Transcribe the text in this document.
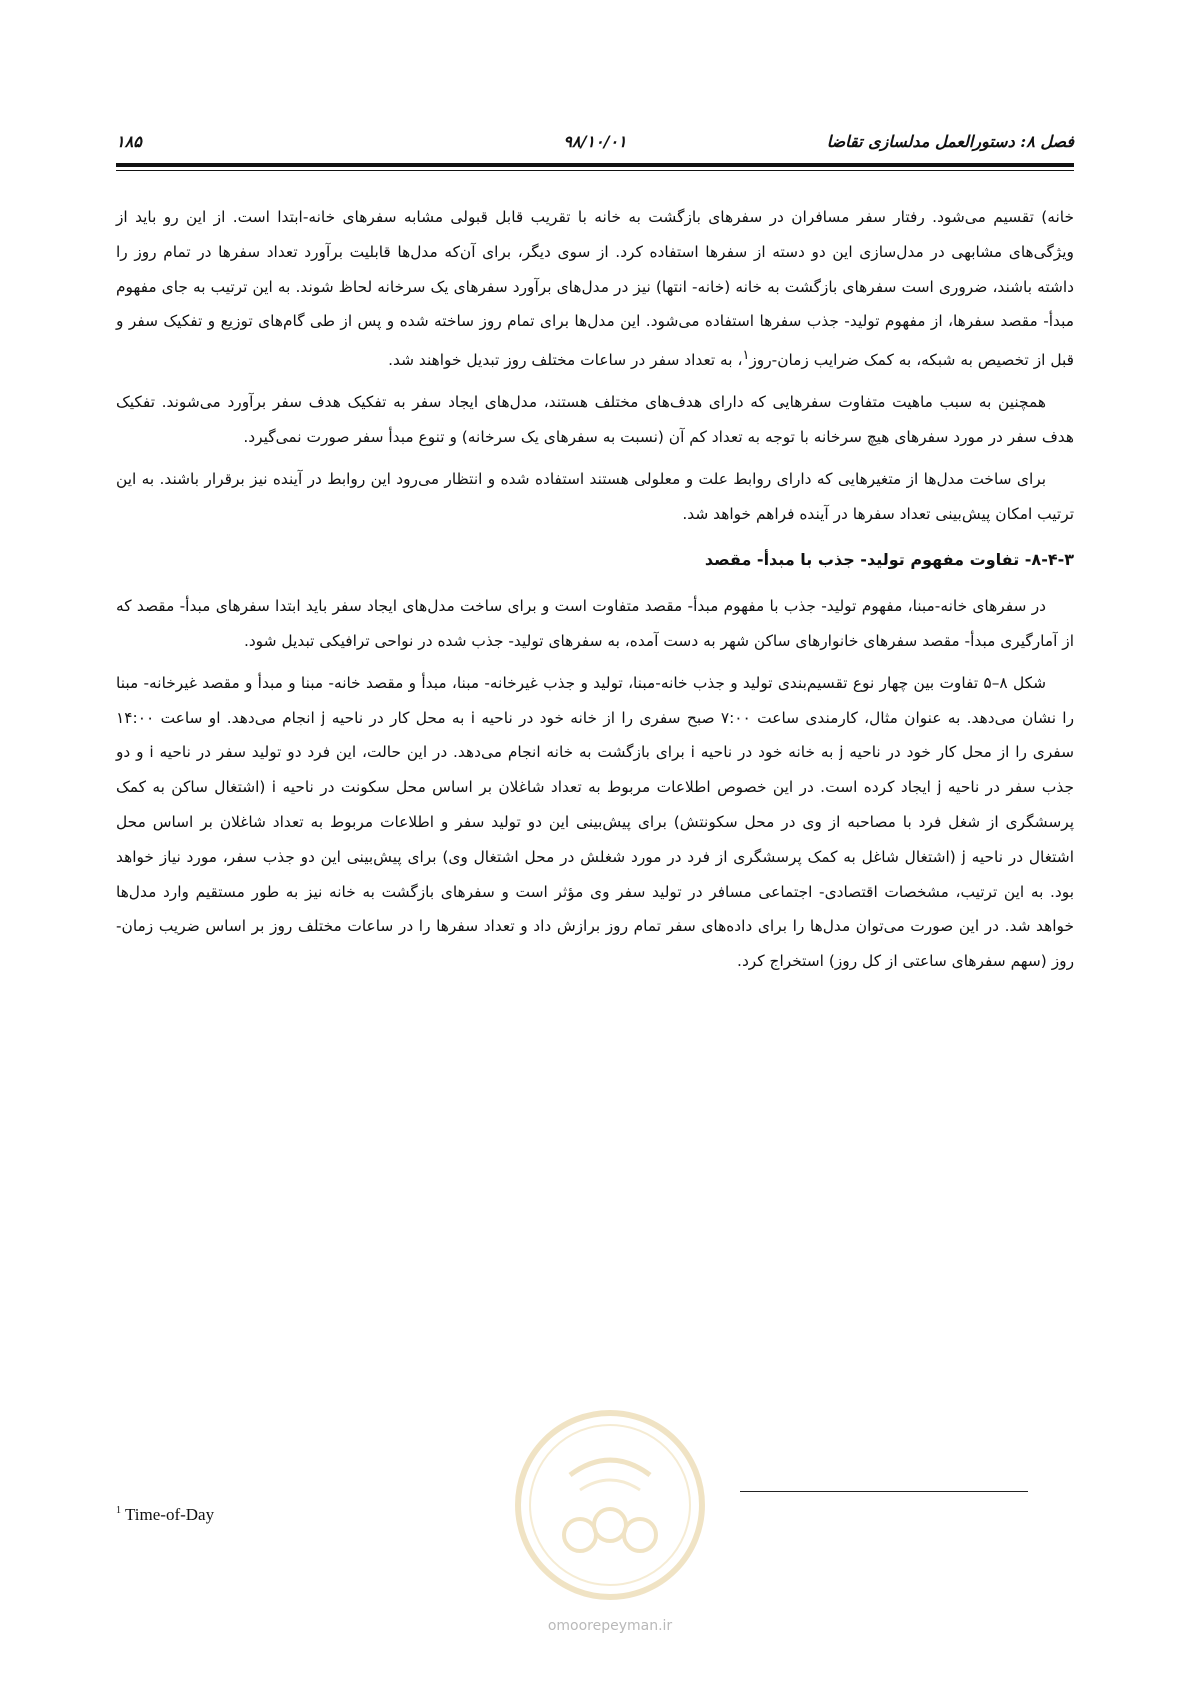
فصل ۸: دستورالعمل مدلسازی تقاضا
۹۸/۱۰/۰۱
۱۸۵

خانه) تقسیم می‌شود. رفتار سفر مسافران در سفرهای بازگشت به خانه با تقریب قابل قبولی مشابه سفرهای خانه-ابتدا است. از این رو باید از ویژگی‌های مشابهی در مدل‌سازی این دو دسته از سفرها استفاده کرد. از سوی دیگر، برای آن‌که مدل‌ها قابلیت برآورد تعداد سفرها در تمام روز را داشته باشند، ضروری است سفرهای بازگشت به خانه (خانه- انتها) نیز در مدل‌های برآورد سفرهای یک سرخانه لحاظ شوند. به این ترتیب به جای مفهوم مبدأ- مقصد سفرها، از مفهوم تولید- جذب سفرها استفاده می‌شود. این مدل‌ها برای تمام روز ساخته شده و پس از طی گام‌های توزیع و تفکیک سفر و قبل از تخصیص به شبکه، به کمک ضرایب زمان-روز$^۱$، به تعداد سفر در ساعات مختلف روز تبدیل خواهند شد.

همچنین به سبب ماهیت متفاوت سفرهایی که دارای هدف‌های مختلف هستند، مدل‌های ایجاد سفر به تفکیک هدف سفر برآورد می‌شوند. تفکیک هدف سفر در مورد سفرهای هیچ سرخانه با توجه به تعداد کم آن (نسبت به سفرهای یک سرخانه) و تنوع مبدأ سفر صورت نمی‌گیرد.

برای ساخت مدل‌ها از متغیرهایی که دارای روابط علت و معلولی هستند استفاده شده و انتظار می‌رود این روابط در آینده نیز برقرار باشند. به این ترتیب امکان پیش‌بینی تعداد سفرها در آینده فراهم خواهد شد.

۸-۴-۳- تفاوت مفهوم تولید- جذب با مبدأ- مقصد

در سفرهای خانه-مبنا، مفهوم تولید- جذب با مفهوم مبدأ- مقصد متفاوت است و برای ساخت مدل‌های ایجاد سفر باید ابتدا سفرهای مبدأ- مقصد که از آمارگیری مبدأ- مقصد سفرهای خانوارهای ساکن شهر به دست آمده، به سفرهای تولید- جذب شده در نواحی ترافیکی تبدیل شود.

شکل ۸–۵ تفاوت بین چهار نوع تقسیم‌بندی تولید و جذب خانه-مبنا، تولید و جذب غیرخانه- مبنا، مبدأ و مقصد خانه- مبنا و مبدأ و مقصد غیرخانه- مبنا را نشان می‌دهد. به عنوان مثال، کارمندی ساعت ۷:۰۰ صبح سفری را از خانه خود در ناحیه i به محل کار در ناحیه j انجام می‌دهد. او ساعت ۱۴:۰۰ سفری را از محل کار خود در ناحیه j به خانه خود در ناحیه i برای بازگشت به خانه انجام می‌دهد. در این حالت، این فرد دو تولید سفر در ناحیه i و دو جذب سفر در ناحیه j ایجاد کرده است. در این خصوص اطلاعات مربوط به تعداد شاغلان بر اساس محل سکونت در ناحیه i (اشتغال ساکن به کمک پرسشگری از شغل فرد با مصاحبه از وی در محل سکونتش) برای پیش‌بینی این دو تولید سفر و اطلاعات مربوط به تعداد شاغلان بر اساس محل اشتغال در ناحیه j (اشتغال شاغل به کمک پرسشگری از فرد در مورد شغلش در محل اشتغال وی) برای پیش‌بینی این دو جذب سفر، مورد نیاز خواهد بود. به این ترتیب، مشخصات اقتصادی- اجتماعی مسافر در تولید سفر وی مؤثر است و سفرهای بازگشت به خانه نیز به طور مستقیم وارد مدل‌ها خواهد شد. در این صورت می‌توان مدل‌ها را برای داده‌های سفر تمام روز برازش داد و تعداد سفرها را در ساعات مختلف روز بر اساس ضریب زمان-روز (سهم سفرهای ساعتی از کل روز) استخراج کرد.

omoorepeyman.ir
$^1$ Time-of-Day
